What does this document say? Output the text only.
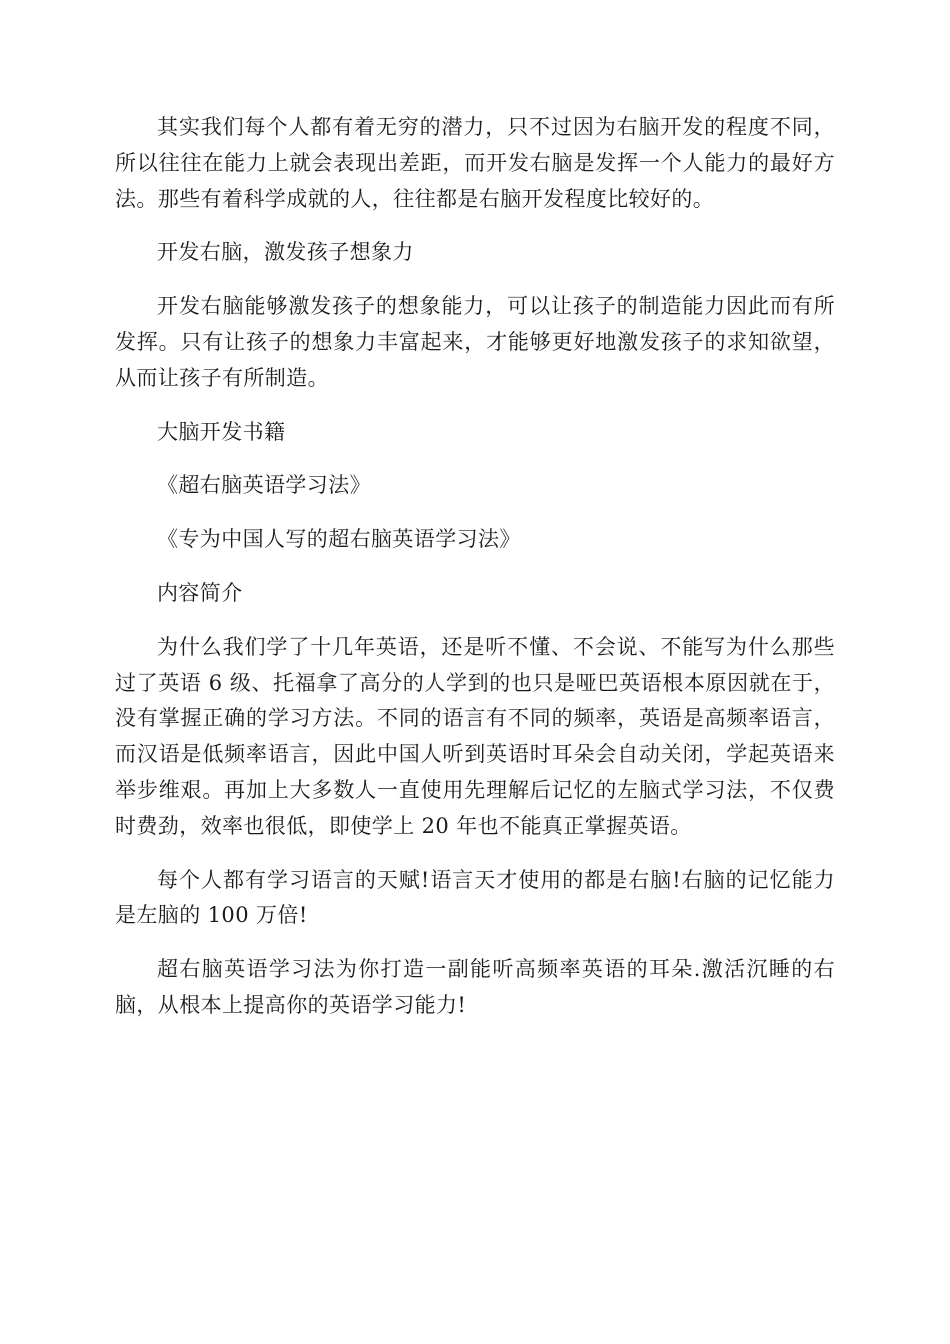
其实我们每个人都有着无穷的潜力，只不过因为右脑开发的程度不同，所以往往在能力上就会表现出差距，而开发右脑是发挥一个人能力的最好方法。那些有着科学成就的人，往往都是右脑开发程度比较好的。

开发右脑，激发孩子想象力

开发右脑能够激发孩子的想象能力，可以让孩子的制造能力因此而有所发挥。只有让孩子的想象力丰富起来，才能够更好地激发孩子的求知欲望，从而让孩子有所制造。

大脑开发书籍

《超右脑英语学习法》

《专为中国人写的超右脑英语学习法》

内容简介

为什么我们学了十几年英语，还是听不懂、不会说、不能写为什么那些过了英语 6 级、托福拿了高分的人学到的也只是哑巴英语根本原因就在于，没有掌握正确的学习方法。不同的语言有不同的频率，英语是高频率语言，而汉语是低频率语言，因此中国人听到英语时耳朵会自动关闭，学起英语来举步维艰。再加上大多数人一直使用先理解后记忆的左脑式学习法，不仅费时费劲，效率也很低，即使学上 20 年也不能真正掌握英语。

每个人都有学习语言的天赋!语言天才使用的都是右脑!右脑的记忆能力是左脑的 100 万倍!

超右脑英语学习法为你打造一副能听高频率英语的耳朵.激活沉睡的右脑，从根本上提高你的英语学习能力!
